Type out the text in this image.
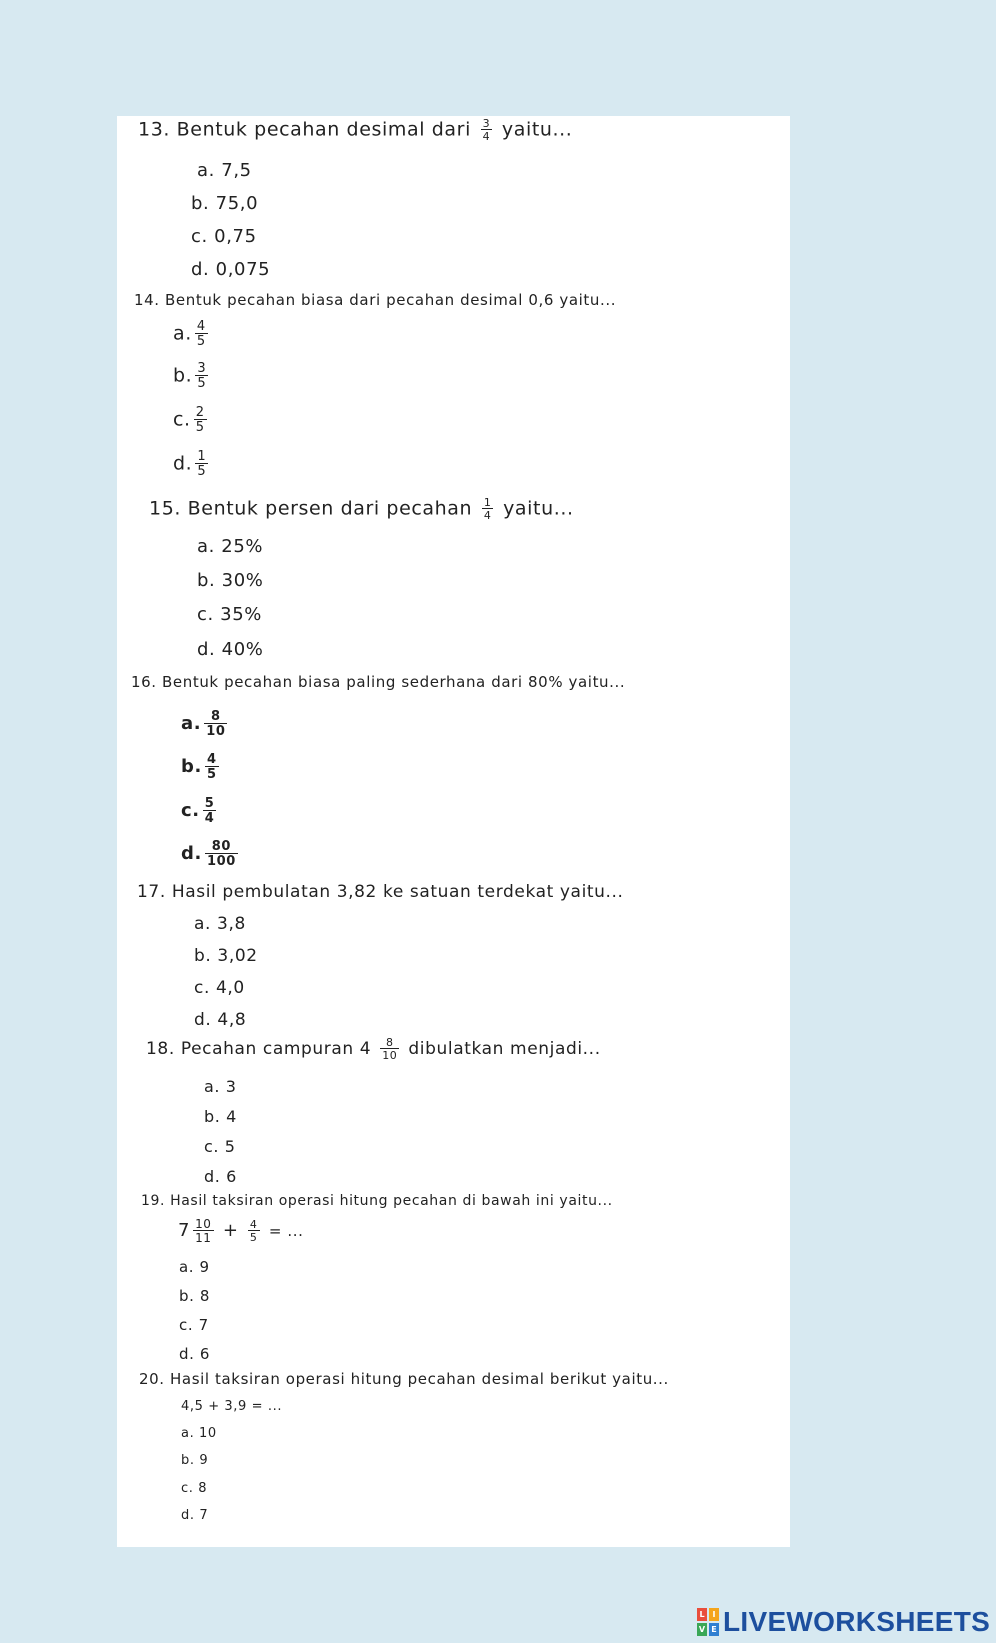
13. Bentuk pecahan desimal dari $\frac{3}{4}$ yaitu...
a. 7,5
b. 75,0
c. 0,75
d. 0,075
14. Bentuk pecahan biasa dari pecahan desimal 0,6 yaitu...
a. $\frac{4}{5}$
b. $\frac{3}{5}$
c. $\frac{2}{5}$
d. $\frac{1}{5}$
15. Bentuk persen dari pecahan $\frac{1}{4}$ yaitu...
a. 25%
b. 30%
c. 35%
d. 40%
16. Bentuk pecahan biasa paling sederhana dari 80% yaitu...
a. $\frac{8}{10}$
b. $\frac{4}{5}$
c. $\frac{5}{4}$
d. $\frac{80}{100}$
17. Hasil pembulatan 3,82 ke satuan terdekat yaitu...
a. 3,8
b. 3,02
c. 4,0
d. 4,8
18. Pecahan campuran $4 \frac{8}{10}$ dibulatkan menjadi...
a. 3
b. 4
c. 5
d. 6
19. Hasil taksiran operasi hitung pecahan di bawah ini yaitu...
$7 \frac{10}{11} + \frac{4}{5}$ = ...
a. 9
b. 8
c. 7
d. 6
20. Hasil taksiran operasi hitung pecahan desimal berikut yaitu...
4,5 + 3,9 = ...
a. 10
b. 9
c. 8
d. 7
L I
V E LIVEWORKSHEETS
